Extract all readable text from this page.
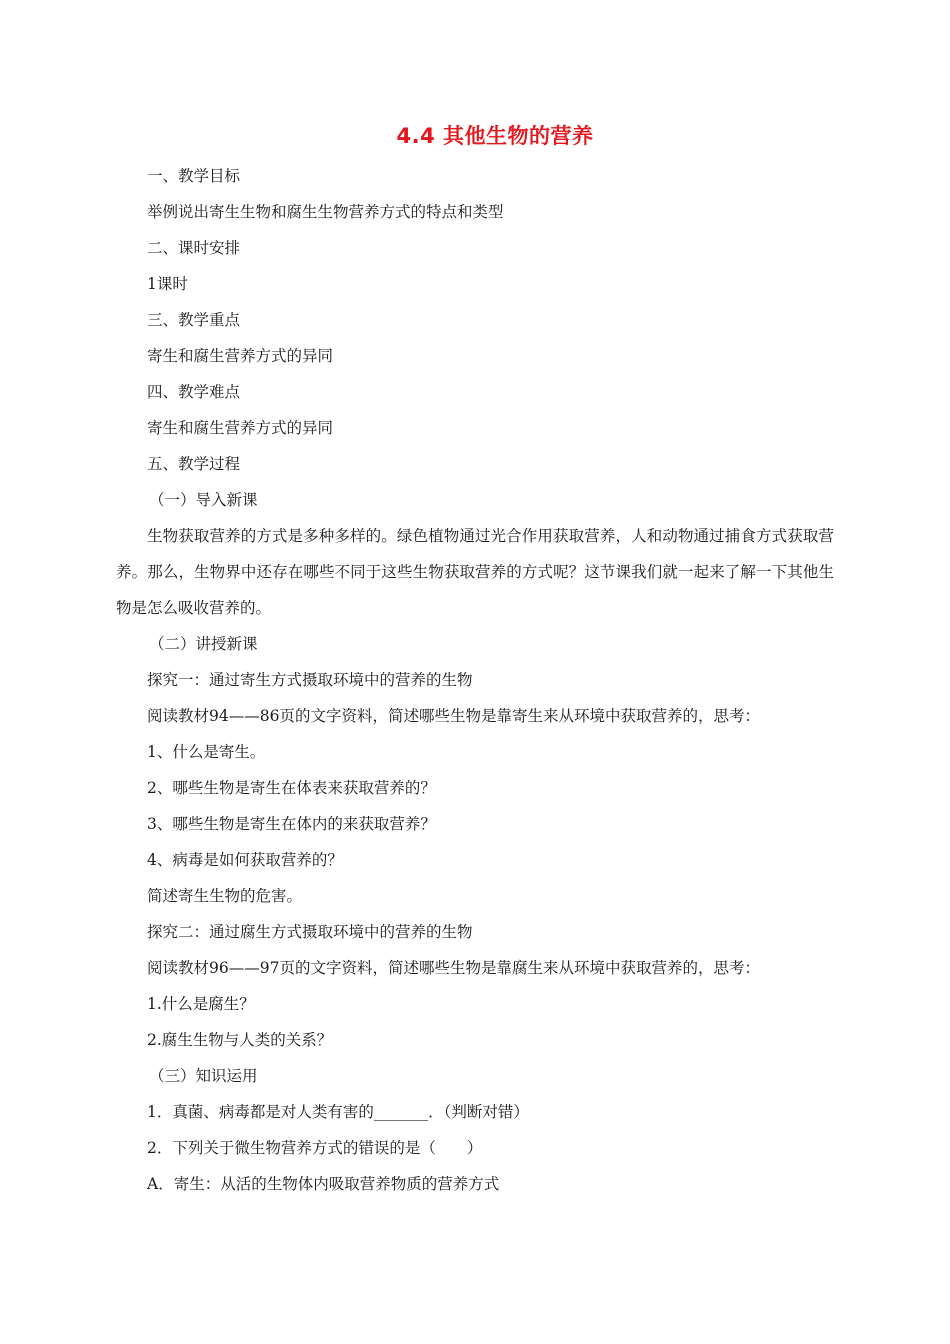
4.4 其他生物的营养
一、教学目标
举例说出寄生生物和腐生生物营养方式的特点和类型
二、课时安排
1课时
三、教学重点
寄生和腐生营养方式的异同
四、教学难点
寄生和腐生营养方式的异同
五、教学过程
（一）导入新课
生物获取营养的方式是多种多样的。绿色植物通过光合作用获取营养，人和动物通过捕食方式获取营养。那么，生物界中还存在哪些不同于这些生物获取营养的方式呢？这节课我们就一起来了解一下其他生物是怎么吸收营养的。
（二）讲授新课
探究一：通过寄生方式摄取环境中的营养的生物
阅读教材94——86页的文字资料，简述哪些生物是靠寄生来从环境中获取营养的，思考：
1、什么是寄生。
2、哪些生物是寄生在体表来获取营养的？
3、哪些生物是寄生在体内的来获取营养？
4、病毒是如何获取营养的？
简述寄生生物的危害。
探究二：通过腐生方式摄取环境中的营养的生物
阅读教材96——97页的文字资料，简述哪些生物是靠腐生来从环境中获取营养的，思考：
1.什么是腐生？
2.腐生生物与人类的关系？
（三）知识运用
1．真菌、病毒都是对人类有害的_______．（判断对错）
2．下列关于微生物营养方式的错误的是（　　）
A．寄生：从活的生物体内吸取营养物质的营养方式
